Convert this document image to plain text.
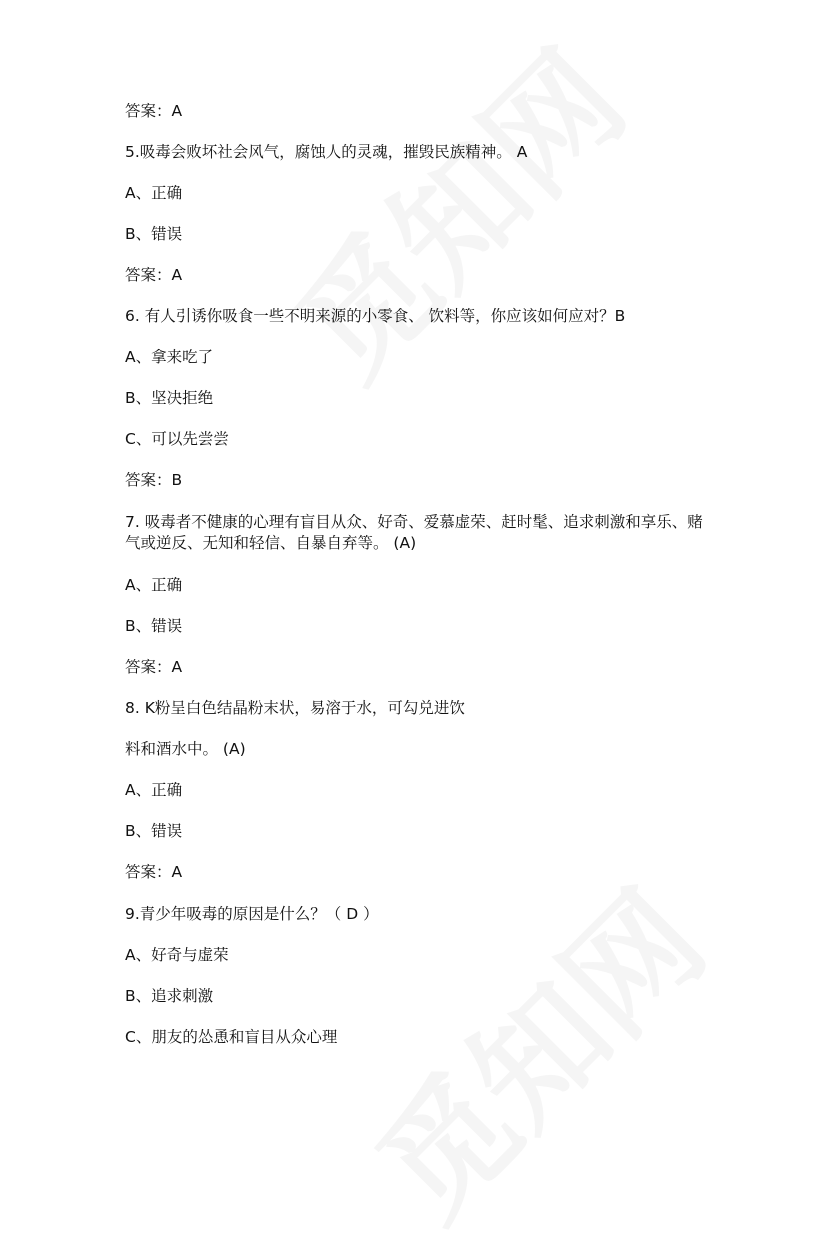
答案：A
5.吸毒会败坏社会风气，腐蚀人的灵魂，摧毁民族精神。 A
A、正确
B、错误
答案：A
6. 有人引诱你吸食一些不明来源的小零食、 饮料等，你应该如何应对？B
A、拿来吃了
B、坚决拒绝
C、可以先尝尝
答案：B
7. 吸毒者不健康的心理有盲目从众、好奇、爱慕虚荣、赶时髦、追求刺激和享乐、赌气或逆反、无知和轻信、自暴自弃等。 (A)
A、正确
B、错误
答案：A
8. K粉呈白色结晶粉末状，易溶于水，可勾兑进饮
料和酒水中。 (A)
A、正确
B、错误
答案：A
9.青少年吸毒的原因是什么？（ D ）
A、好奇与虚荣
B、追求刺激
C、朋友的怂恿和盲目从众心理
